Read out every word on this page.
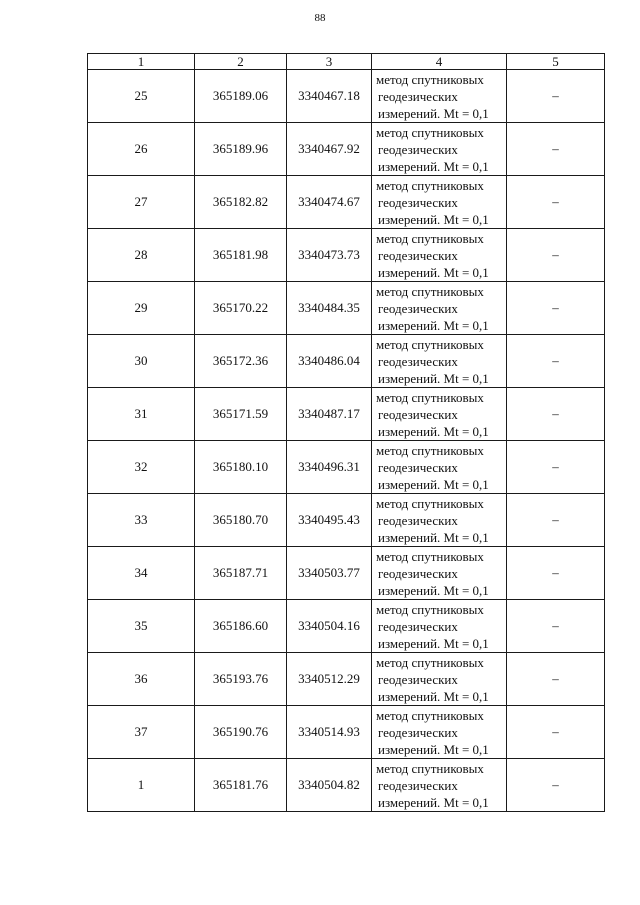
88
1	2	3	4	5
25	365189.06	3340467.18	метод спутниковых
геодезических
измерений. Mt = 0,1	–
26	365189.96	3340467.92	метод спутниковых
геодезических
измерений. Mt = 0,1	–
27	365182.82	3340474.67	метод спутниковых
геодезических
измерений. Mt = 0,1	–
28	365181.98	3340473.73	метод спутниковых
геодезических
измерений. Mt = 0,1	–
29	365170.22	3340484.35	метод спутниковых
геодезических
измерений. Mt = 0,1	–
30	365172.36	3340486.04	метод спутниковых
геодезических
измерений. Mt = 0,1	–
31	365171.59	3340487.17	метод спутниковых
геодезических
измерений. Mt = 0,1	–
32	365180.10	3340496.31	метод спутниковых
геодезических
измерений. Mt = 0,1	–
33	365180.70	3340495.43	метод спутниковых
геодезических
измерений. Mt = 0,1	–
34	365187.71	3340503.77	метод спутниковых
геодезических
измерений. Mt = 0,1	–
35	365186.60	3340504.16	метод спутниковых
геодезических
измерений. Mt = 0,1	–
36	365193.76	3340512.29	метод спутниковых
геодезических
измерений. Mt = 0,1	–
37	365190.76	3340514.93	метод спутниковых
геодезических
измерений. Mt = 0,1	–
1	365181.76	3340504.82	метод спутниковых
геодезических
измерений. Mt = 0,1	–
